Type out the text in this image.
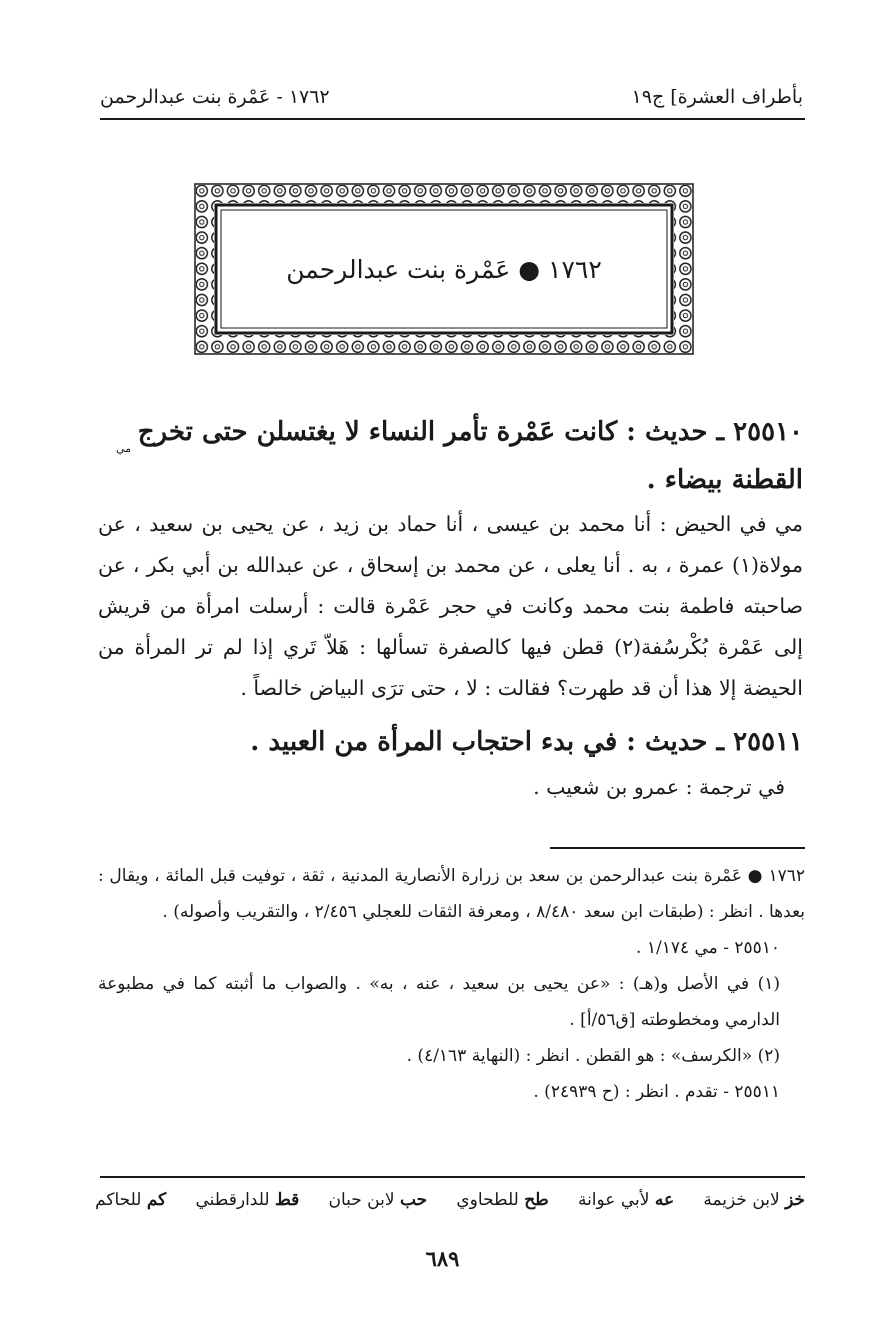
بأطراف العشرة] ج١٩
١٧٦٢ - عَمْرة بنت عبدالرحمن
١٧٦٢ ● عَمْرة بنت عبدالرحمن
٢٥٥١٠ ـ حديث : كانت عَمْرة تأمر النساء لا يغتسلن حتى تخرج القطنة بيضاء .
مي
مي في الحيض : أنا محمد بن عيسى ، أنا حماد بن زيد ، عن يحيى بن سعيد ، عن مولاة(١) عمرة ، به . أنا يعلى ، عن محمد بن إسحاق ، عن عبدالله بن أبي بكر ، عن صاحبته فاطمة بنت محمد وكانت في حجر عَمْرة قالت : أرسلت امرأة من قريش إلى عَمْرة بُكْرسُفة(٢) قطن فيها كالصفرة تسألها : هَلاّ تَري إذا لم تر المرأة من الحيضة إلا هذا أن قد طهرت؟ فقالت : لا ، حتى ترَى البياض خالصاً .
٢٥٥١١ ـ حديث : في بدء احتجاب المرأة من العبيد .
في ترجمة : عمرو بن شعيب .

١٧٦٢ ● عَمْرة بنت عبدالرحمن بن سعد بن زرارة الأنصارية المدنية ، ثقة ، توفيت قبل المائة ، ويقال : بعدها . انظر : (طبقات ابن سعد ٨/٤٨٠ ، ومعرفة الثقات للعجلي ٢/٤٥٦ ، والتقريب وأصوله) .

٢٥٥١٠ - مي ١/١٧٤ .

(١) في الأصل و(هـ) : «عن يحيى بن سعيد ، عنه ، به» . والصواب ما أثبته كما في مطبوعة الدارمي ومخطوطته [ق٥٦/أ] .

(٢) «الكرسف» : هو القطن . انظر : (النهاية ٤/١٦٣) .

٢٥٥١١ - تقدم . انظر : (ح ٢٤٩٣٩) .

خز لابن خزيمة
عه لأبي عوانة
طح للطحاوي
حب لابن حبان
قط للدارقطني
كم للحاكم
٦٨٩
